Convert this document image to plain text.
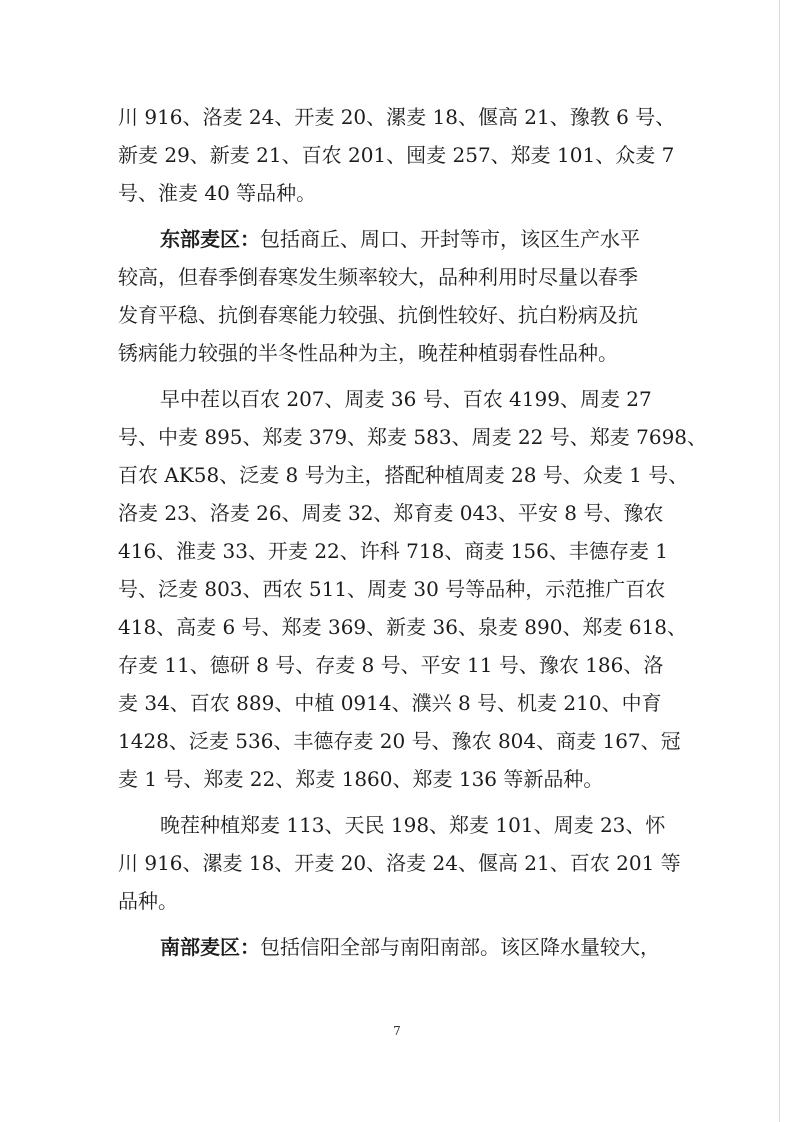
川 916、洛麦 24、开麦 20、漯麦 18、偃高 21、豫教 6 号、
新麦 29、新麦 21、百农 201、囤麦 257、郑麦 101、众麦 7
号、淮麦 40 等品种。
东部麦区：包括商丘、周口、开封等市，该区生产水平
较高，但春季倒春寒发生频率较大，品种利用时尽量以春季
发育平稳、抗倒春寒能力较强、抗倒性较好、抗白粉病及抗
锈病能力较强的半冬性品种为主，晚茬种植弱春性品种。
早中茬以百农 207、周麦 36 号、百农 4199、周麦 27
号、中麦 895、郑麦 379、郑麦 583、周麦 22 号、郑麦 7698、
百农 AK58、泛麦 8 号为主，搭配种植周麦 28 号、众麦 1 号、
洛麦 23、洛麦 26、周麦 32、郑育麦 043、平安 8 号、豫农
416、淮麦 33、开麦 22、许科 718、商麦 156、丰德存麦 1
号、泛麦 803、西农 511、周麦 30 号等品种，示范推广百农
418、高麦 6 号、郑麦 369、新麦 36、泉麦 890、郑麦 618、
存麦 11、德研 8 号、存麦 8 号、平安 11 号、豫农 186、洛
麦 34、百农 889、中植 0914、濮兴 8 号、机麦 210、中育
1428、泛麦 536、丰德存麦 20 号、豫农 804、商麦 167、冠
麦 1 号、郑麦 22、郑麦 1860、郑麦 136 等新品种。
晚茬种植郑麦 113、天民 198、郑麦 101、周麦 23、怀
川 916、漯麦 18、开麦 20、洛麦 24、偃高 21、百农 201 等
品种。
南部麦区：包括信阳全部与南阳南部。该区降水量较大，
7
